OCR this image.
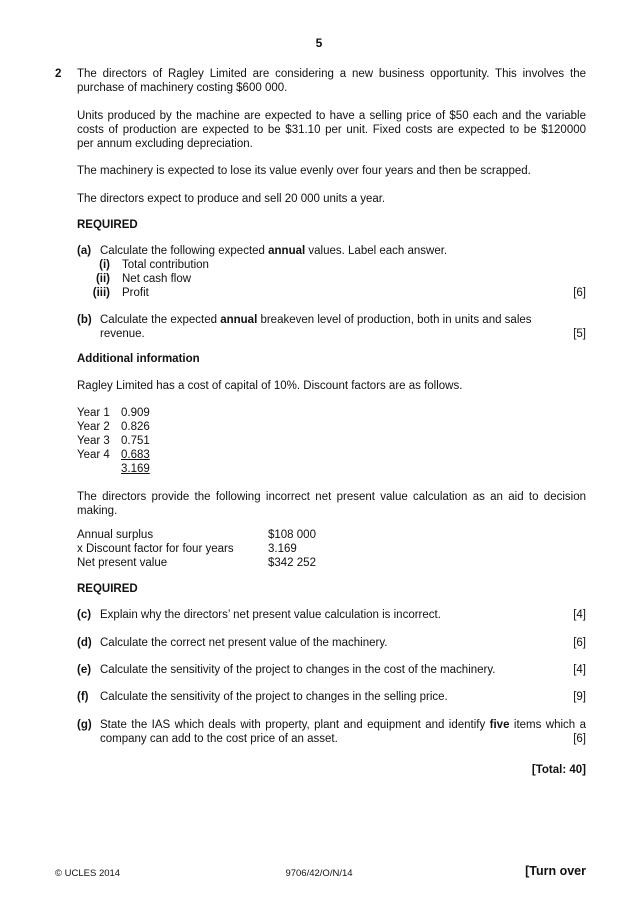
5
2 The directors of Ragley Limited are considering a new business opportunity. This involves the
purchase of machinery costing $600 000.
Units produced by the machine are expected to have a selling price of $50 each and the variable
costs of production are expected to be $31.10 per unit. Fixed costs are expected to be $120000
per annum excluding depreciation.
The machinery is expected to lose its value evenly over four years and then be scrapped.
The directors expect to produce and sell 20 000 units a year.
REQUIRED
(a) Calculate the following expected annual values. Label each answer.
(i) Total contribution
(ii) Net cash flow
(iii) Profit	[6]
(b) Calculate the expected annual breakeven level of production, both in units and sales
revenue.	[5]
Additional information
Ragley Limited has a cost of capital of 10%. Discount factors are as follows.
Year 1 0.909
Year 2 0.826
Year 3 0.751
Year 4 0.683
3.169
The directors provide the following incorrect net present value calculation as an aid to decision
making.
Annual surplus	$108 000
x Discount factor for four years	3.169
Net present value	$342 252
REQUIRED
(c) Explain why the directors’ net present value calculation is incorrect.	[4]
(d) Calculate the correct net present value of the machinery.	[6]
(e) Calculate the sensitivity of the project to changes in the cost of the machinery.	[4]
(f) Calculate the sensitivity of the project to changes in the selling price.	[9]
(g) State the IAS which deals with property, plant and equipment and identify five items which a
company can add to the cost price of an asset.	[6]
[Total: 40]
© UCLES 2014	9706/42/O/N/14	[Turn over
